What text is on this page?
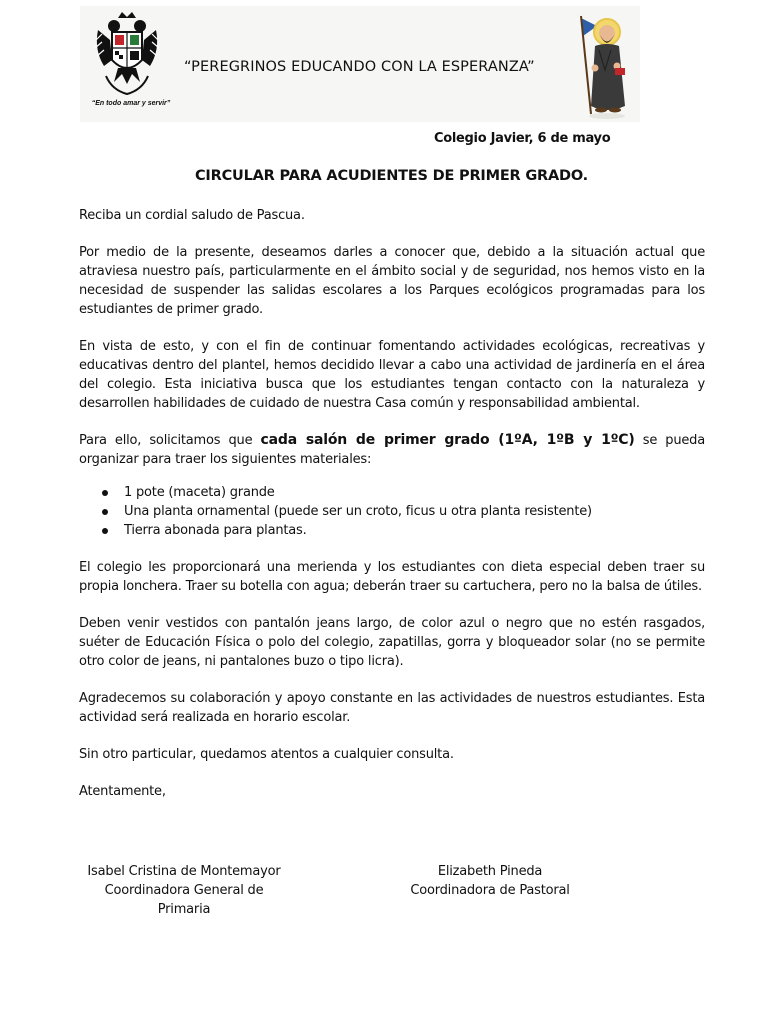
“En todo amar y servir”
“PEREGRINOS EDUCANDO CON LA ESPERANZA”
Colegio Javier, 6 de mayo
CIRCULAR PARA ACUDIENTES DE PRIMER GRADO.

Reciba un cordial saludo de Pascua.

Por medio de la presente, deseamos darles a conocer que, debido a la situación actual que atraviesa nuestro país, particularmente en el ámbito social y de seguridad, nos hemos visto en la necesidad de suspender las salidas escolares a los Parques ecológicos programadas para los estudiantes de primer grado.

En vista de esto, y con el fin de continuar fomentando actividades ecológicas, recreativas y educativas dentro del plantel, hemos decidido llevar a cabo una actividad de jardinería en el área del colegio. Esta iniciativa busca que los estudiantes tengan contacto con la naturaleza y desarrollen habilidades de cuidado de nuestra Casa común y responsabilidad ambiental.

Para ello, solicitamos que cada salón de primer grado (1ºA, 1ºB y 1ºC) se pueda organizar para traer los siguientes materiales:

1 pote (maceta) grande
Una planta ornamental (puede ser un croto, ficus u otra planta resistente)
Tierra abonada para plantas.

El colegio les proporcionará una merienda y los estudiantes con dieta especial deben traer su propia lonchera. Traer su botella con agua; deberán traer su cartuchera, pero no la balsa de útiles.

Deben venir vestidos con pantalón jeans largo, de color azul o negro que no estén rasgados, suéter de Educación Física o polo del colegio, zapatillas, gorra y bloqueador solar (no se permite otro color de jeans, ni pantalones buzo o tipo licra).

Agradecemos su colaboración y apoyo constante en las actividades de nuestros estudiantes. Esta actividad será realizada en horario escolar.

Sin otro particular, quedamos atentos a cualquier consulta.

Atentamente,

Isabel Cristina de Montemayor
Coordinadora General de Primaria
Elizabeth Pineda
Coordinadora de Pastoral
